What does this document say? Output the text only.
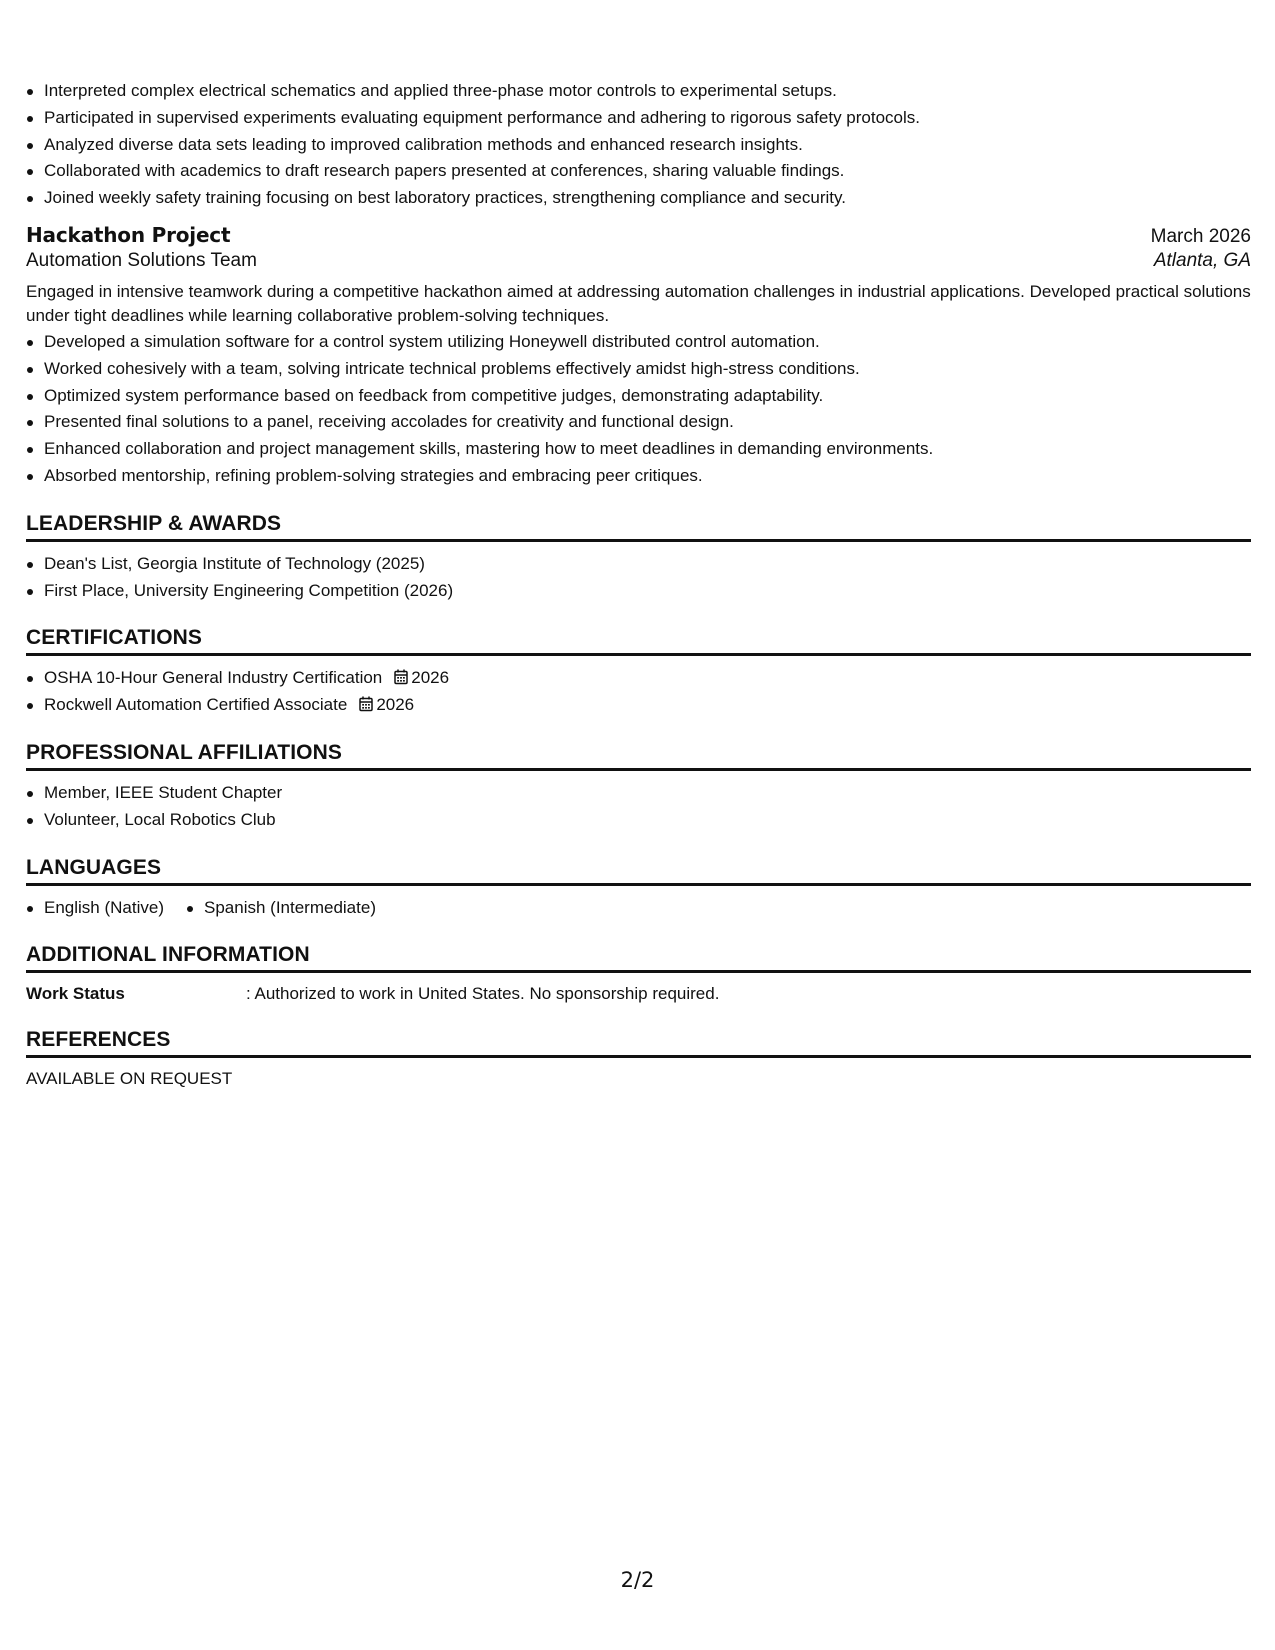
Interpreted complex electrical schematics and applied three-phase motor controls to experimental setups.
Participated in supervised experiments evaluating equipment performance and adhering to rigorous safety protocols.
Analyzed diverse data sets leading to improved calibration methods and enhanced research insights.
Collaborated with academics to draft research papers presented at conferences, sharing valuable findings.
Joined weekly safety training focusing on best laboratory practices, strengthening compliance and security.
Hackathon Project	March 2026
Automation Solutions Team	Atlanta, GA
Engaged in intensive teamwork during a competitive hackathon aimed at addressing automation challenges in industrial applications. Developed practical solutions under tight deadlines while learning collaborative problem-solving techniques.
Developed a simulation software for a control system utilizing Honeywell distributed control automation.
Worked cohesively with a team, solving intricate technical problems effectively amidst high-stress conditions.
Optimized system performance based on feedback from competitive judges, demonstrating adaptability.
Presented final solutions to a panel, receiving accolades for creativity and functional design.
Enhanced collaboration and project management skills, mastering how to meet deadlines in demanding environments.
Absorbed mentorship, refining problem-solving strategies and embracing peer critiques.
LEADERSHIP & AWARDS
Dean's List, Georgia Institute of Technology (2025)
First Place, University Engineering Competition (2026)
CERTIFICATIONS
OSHA 10-Hour General Industry Certification 2026
Rockwell Automation Certified Associate 2026
PROFESSIONAL AFFILIATIONS
Member, IEEE Student Chapter
Volunteer, Local Robotics Club
LANGUAGES
English (Native) Spanish (Intermediate)
ADDITIONAL INFORMATION
Work Status	: Authorized to work in United States. No sponsorship required.
REFERENCES
AVAILABLE ON REQUEST
2/2
